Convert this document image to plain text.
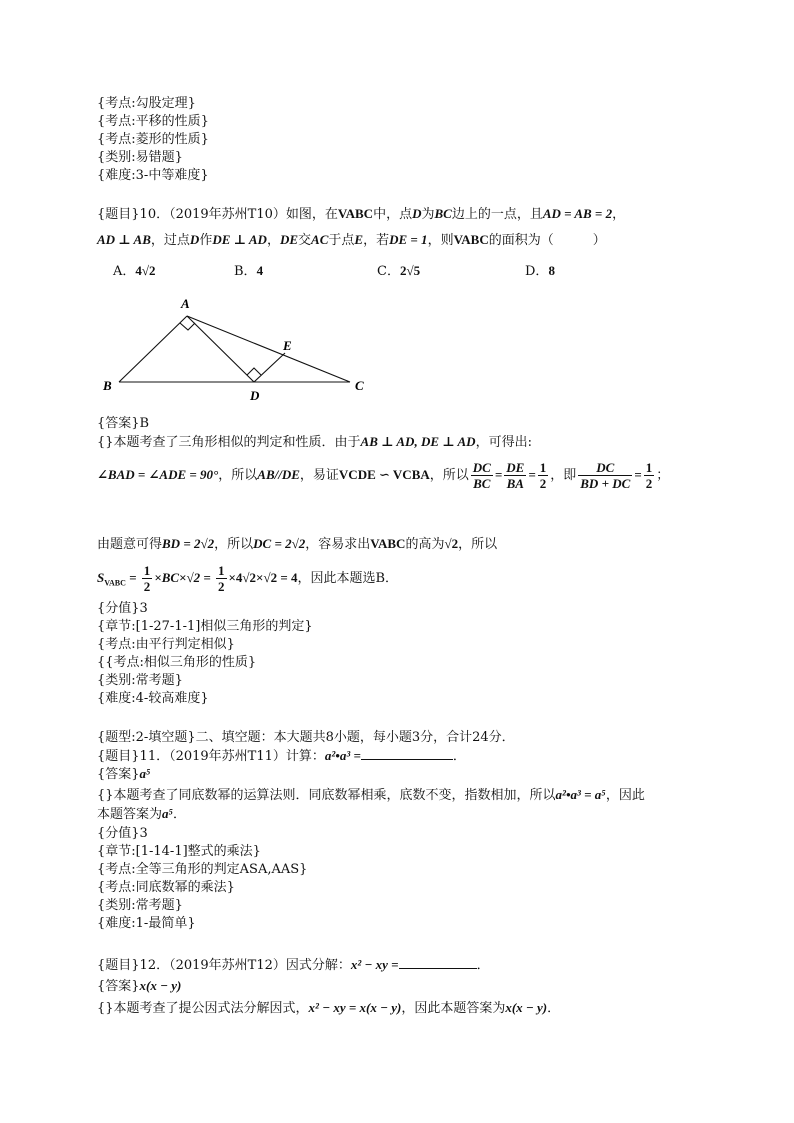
{考点:勾股定理}
{考点:平移的性质}
{考点:菱形的性质}
{类别:易错题}
{难度:3-中等难度}
{题目}10．（2019年苏州T10）如图，在VABC中，点D为BC边上的一点，且AD = AB = 2，
AD ⊥ AB，过点D作DE ⊥ AD，DE交AC于点E，若DE = 1，则VABC的面积为（　　　）
A．4√2	B．4	C．2√5	D．8
A
B	C
D
E
{答案}B
{}本题考查了三角形相似的判定和性质．由于AB ⊥ AD, DE ⊥ AD，可得出:
∠BAD = ∠ADE = 90°，所以AB//DE，易证VCDE ∽ VCBA，所以 $\frac{DC}{BC} = \frac{DE}{BA} = \frac{1}{2}$ ，即 $\frac{DC}{BD + DC} = \frac{1}{2}$ ；
由题意可得BD = 2√2，所以DC = 2√2，容易求出VABC的高为√2，所以
$S_{VABC} = \frac{1}{2} \times BC\times√2 = \frac{1}{2} \times 4√2\times√2 = 4$，因此本题选B．
{分值}3
{章节:[1-27-1-1]相似三角形的判定}
{考点:由平行判定相似}
{{考点:相似三角形的性质}
{类别:常考题}
{难度:4-较高难度}
{题型:2-填空题}二、填空题：本大题共8小题，每小题3分，合计24分．
{题目}11．（2019年苏州T11）计算：a²•a³ =	．
{答案}a⁵
{}本题考查了同底数幂的运算法则．同底数幂相乘，底数不变，指数相加，所以a²•a³ = a⁵，因此
本题答案为a⁵．
{分值}3
{章节:[1-14-1]整式的乘法}
{考点:全等三角形的判定ASA,AAS}
{考点:同底数幂的乘法}
{类别:常考题}
{难度:1-最简单}
{题目}12．（2019年苏州T12）因式分解：x² − xy =	．
{答案}x(x − y)
{}本题考查了提公因式法分解因式，x² − xy = x(x − y)，因此本题答案为x(x − y)．
